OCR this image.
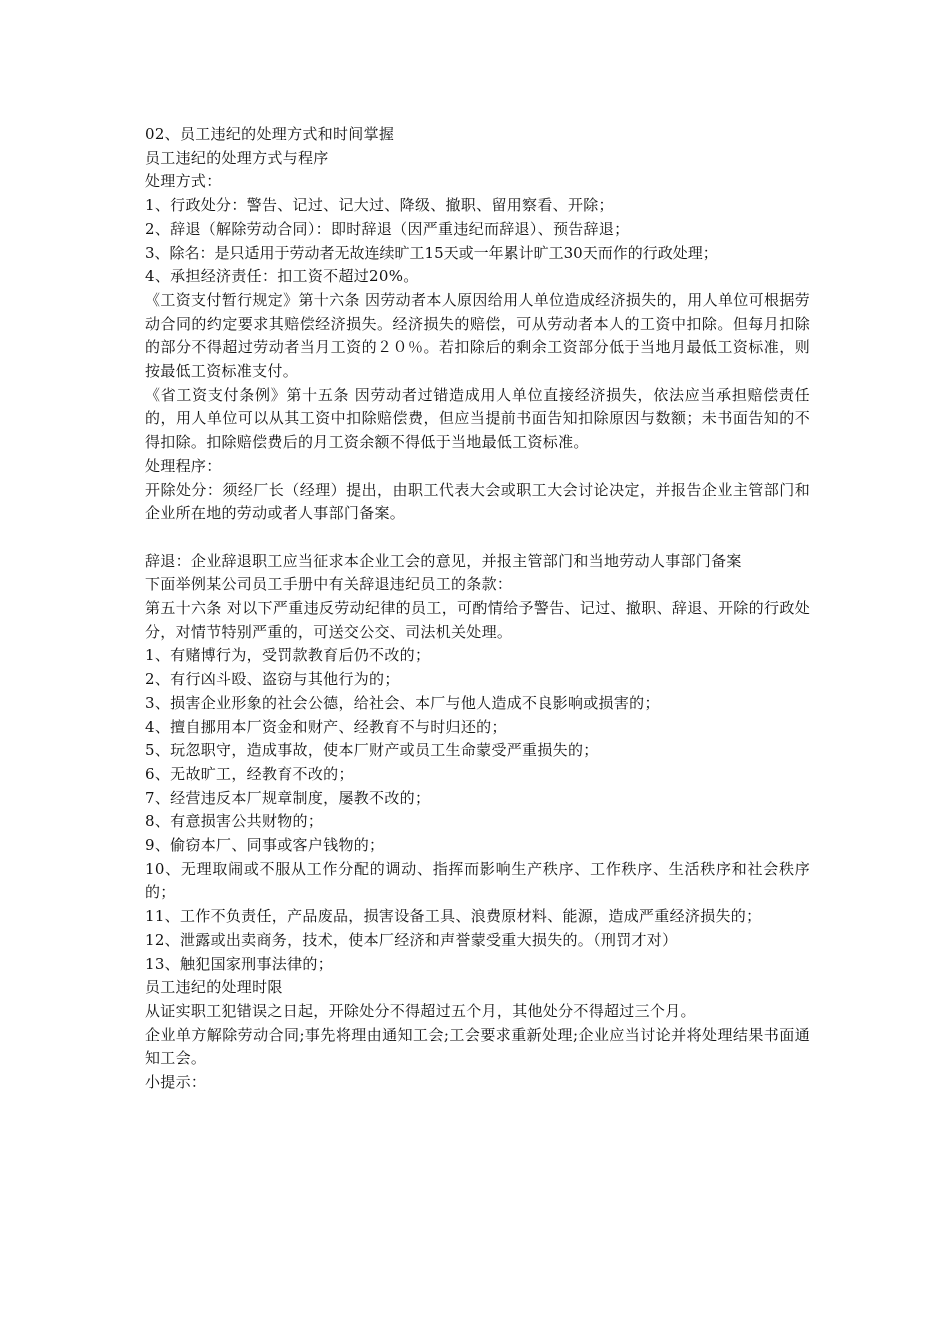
02、员工违纪的处理方式和时间掌握
员工违纪的处理方式与程序
处理方式：
1、行政处分：警告、记过、记大过、降级、撤职、留用察看、开除；
2、辞退（解除劳动合同）：即时辞退（因严重违纪而辞退）、预告辞退；
3、除名：是只适用于劳动者无故连续旷工15天或一年累计旷工30天而作的行政处理；
4、承担经济责任：扣工资不超过20%。
《工资支付暂行规定》第十六条 因劳动者本人原因给用人单位造成经济损失的，用人单位可根据劳动合同的约定要求其赔偿经济损失。经济损失的赔偿，可从劳动者本人的工资中扣除。但每月扣除的部分不得超过劳动者当月工资的２０％。若扣除后的剩余工资部分低于当地月最低工资标准，则按最低工资标准支付。
《省工资支付条例》第十五条 因劳动者过错造成用人单位直接经济损失，依法应当承担赔偿责任的，用人单位可以从其工资中扣除赔偿费，但应当提前书面告知扣除原因与数额；未书面告知的不得扣除。扣除赔偿费后的月工资余额不得低于当地最低工资标准。
处理程序：
开除处分：须经厂长（经理）提出，由职工代表大会或职工大会讨论决定，并报告企业主管部门和企业所在地的劳动或者人事部门备案。
辞退：企业辞退职工应当征求本企业工会的意见，并报主管部门和当地劳动人事部门备案
下面举例某公司员工手册中有关辞退违纪员工的条款：
第五十六条 对以下严重违反劳动纪律的员工，可酌情给予警告、记过、撤职、辞退、开除的行政处分，对情节特别严重的，可送交公交、司法机关处理。
1、有赌博行为，受罚款教育后仍不改的；
2、有行凶斗殴、盗窃与其他行为的；
3、损害企业形象的社会公德，给社会、本厂与他人造成不良影响或损害的；
4、擅自挪用本厂资金和财产、经教育不与时归还的；
5、玩忽职守，造成事故，使本厂财产或员工生命蒙受严重损失的；
6、无故旷工，经教育不改的；
7、经营违反本厂规章制度，屡教不改的；
8、有意损害公共财物的；
9、偷窃本厂、同事或客户钱物的；
10、无理取闹或不服从工作分配的调动、指挥而影响生产秩序、工作秩序、生活秩序和社会秩序的；
11、工作不负责任，产品废品，损害设备工具、浪费原材料、能源，造成严重经济损失的；
12、泄露或出卖商务，技术，使本厂经济和声誉蒙受重大损失的。（刑罚才对）
13、触犯国家刑事法律的；
员工违纪的处理时限
从证实职工犯错误之日起，开除处分不得超过五个月，其他处分不得超过三个月。
企业单方解除劳动合同;事先将理由通知工会;工会要求重新处理;企业应当讨论并将处理结果书面通知工会。
小提示：
